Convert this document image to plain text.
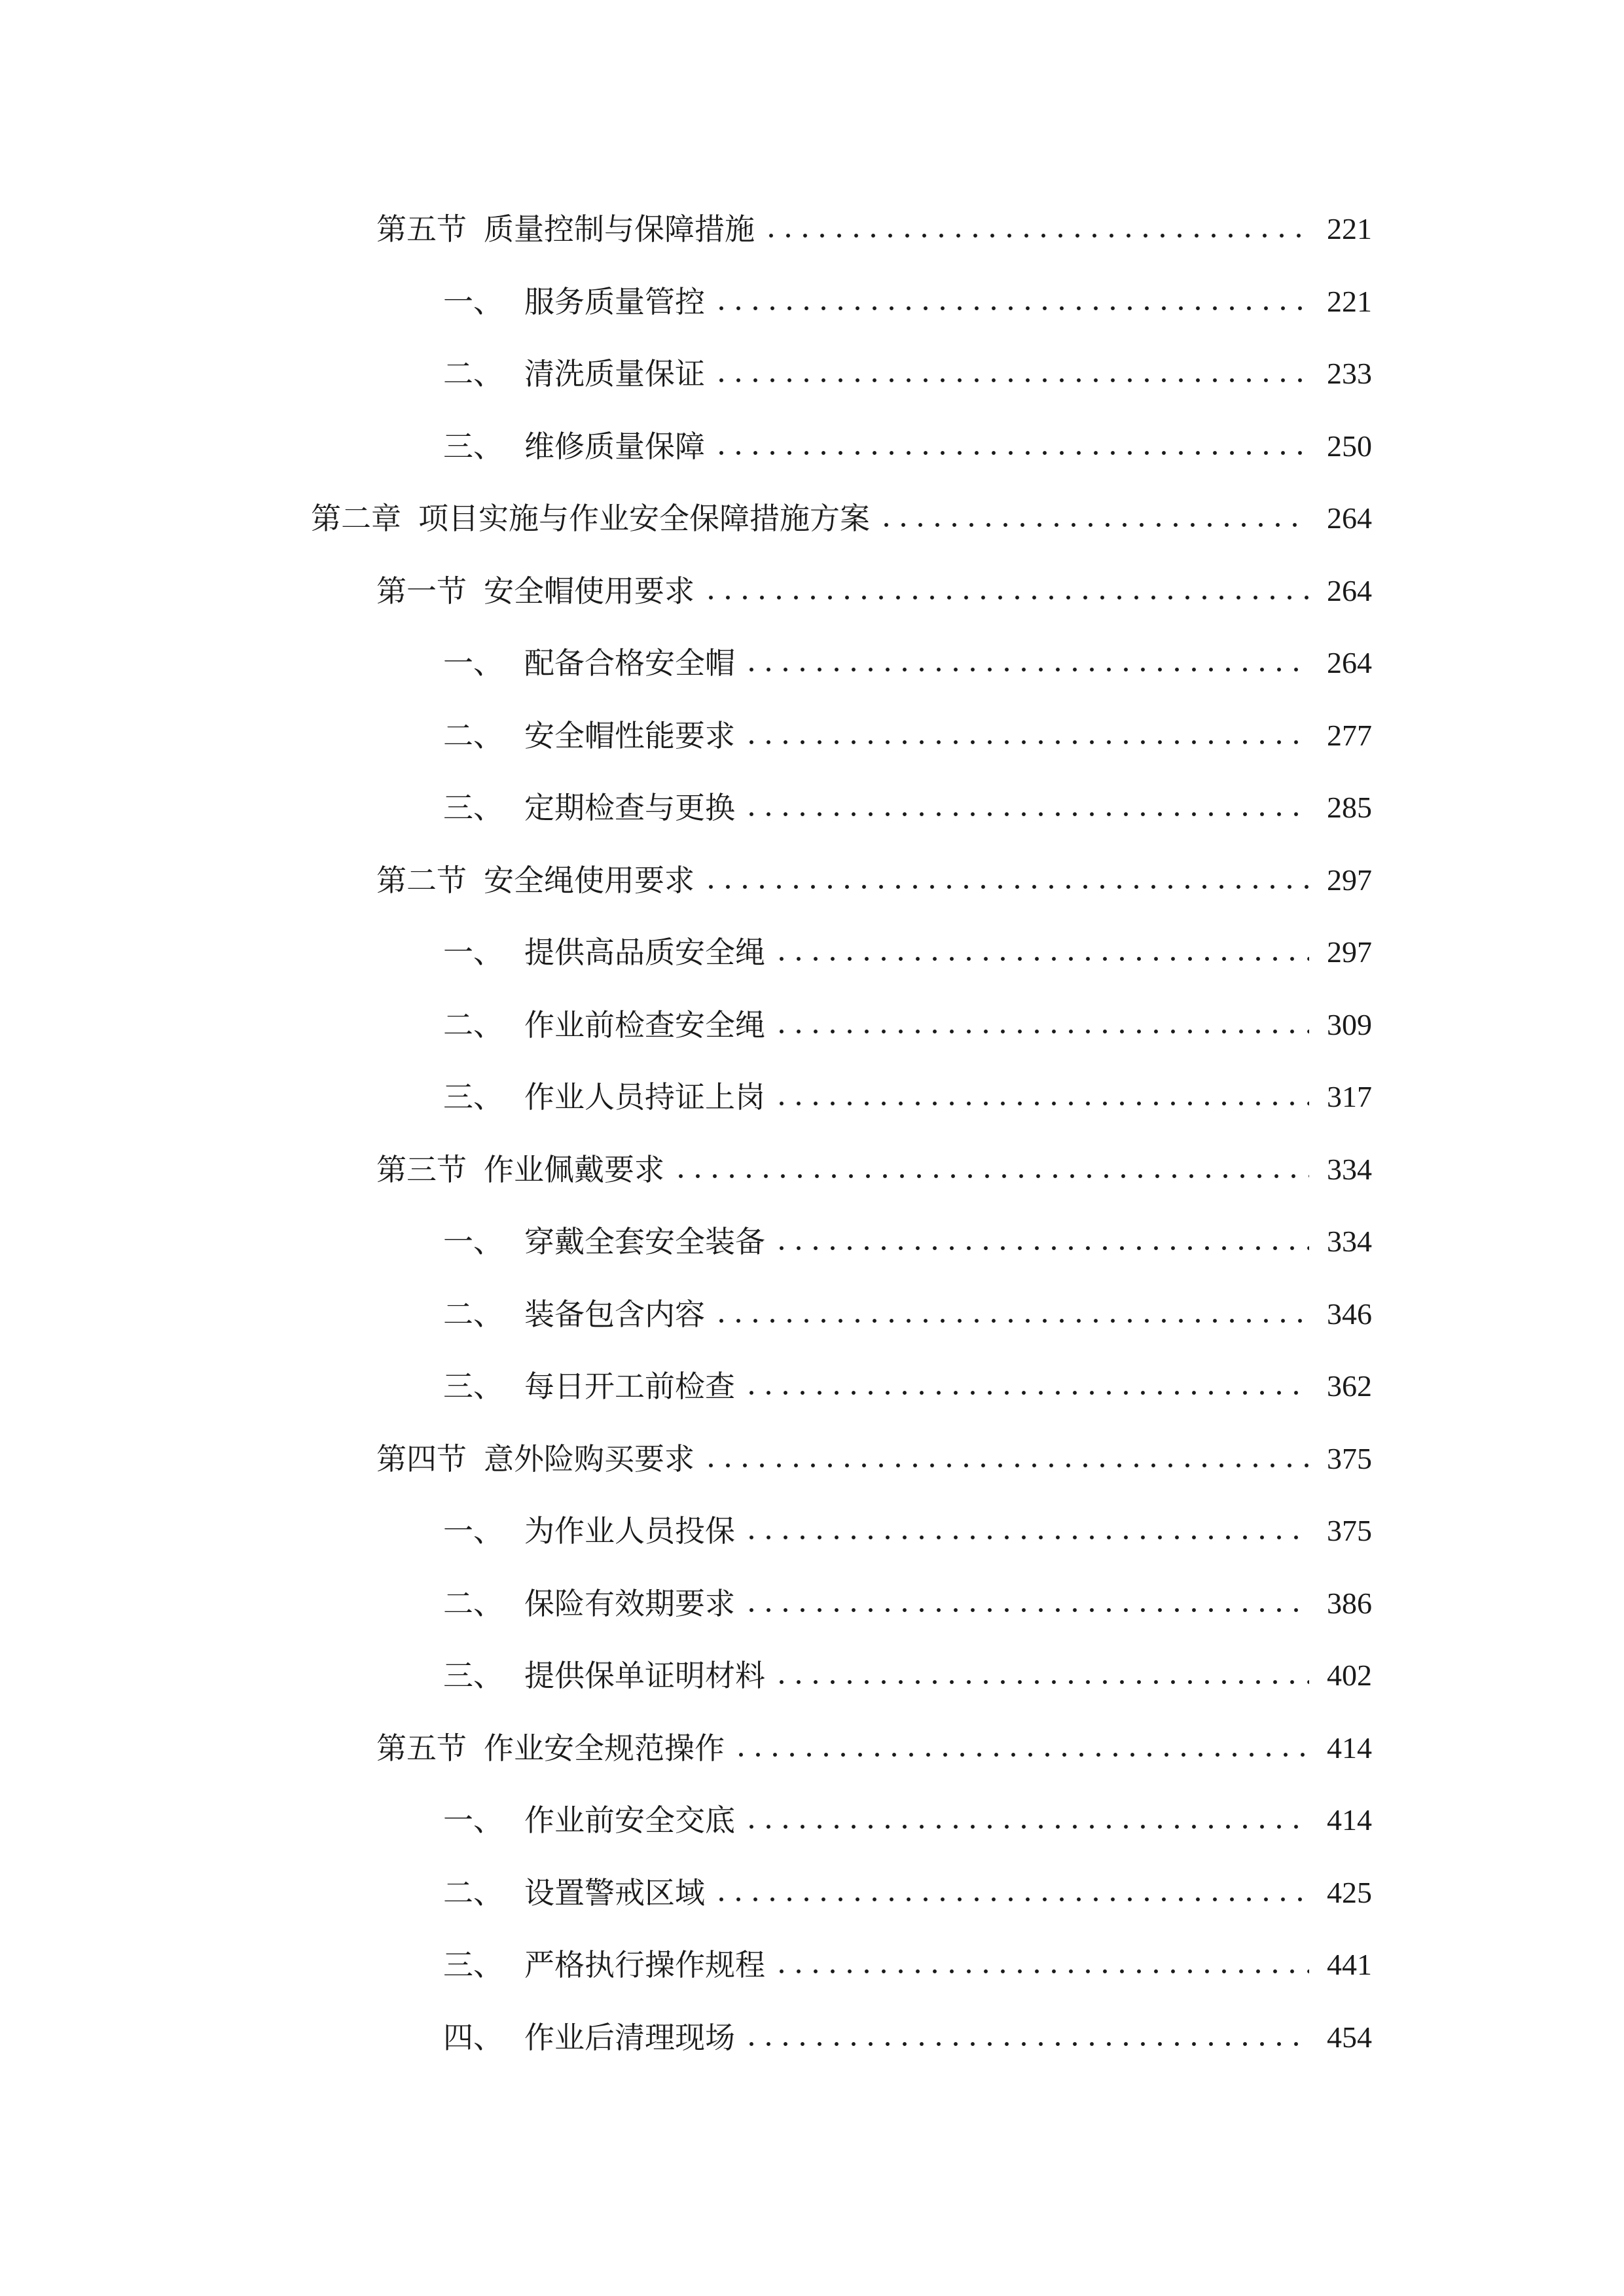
第五节 质量控制与保障措施	221
一、 服务质量管控	221
二、 清洗质量保证	233
三、 维修质量保障	250
第二章 项目实施与作业安全保障措施方案	264
第一节 安全帽使用要求	264
一、 配备合格安全帽	264
二、 安全帽性能要求	277
三、 定期检查与更换	285
第二节 安全绳使用要求	297
一、 提供高品质安全绳	297
二、 作业前检查安全绳	309
三、 作业人员持证上岗	317
第三节 作业佩戴要求	334
一、 穿戴全套安全装备	334
二、 装备包含内容	346
三、 每日开工前检查	362
第四节 意外险购买要求	375
一、 为作业人员投保	375
二、 保险有效期要求	386
三、 提供保单证明材料	402
第五节 作业安全规范操作	414
一、 作业前安全交底	414
二、 设置警戒区域	425
三、 严格执行操作规程	441
四、 作业后清理现场	454
